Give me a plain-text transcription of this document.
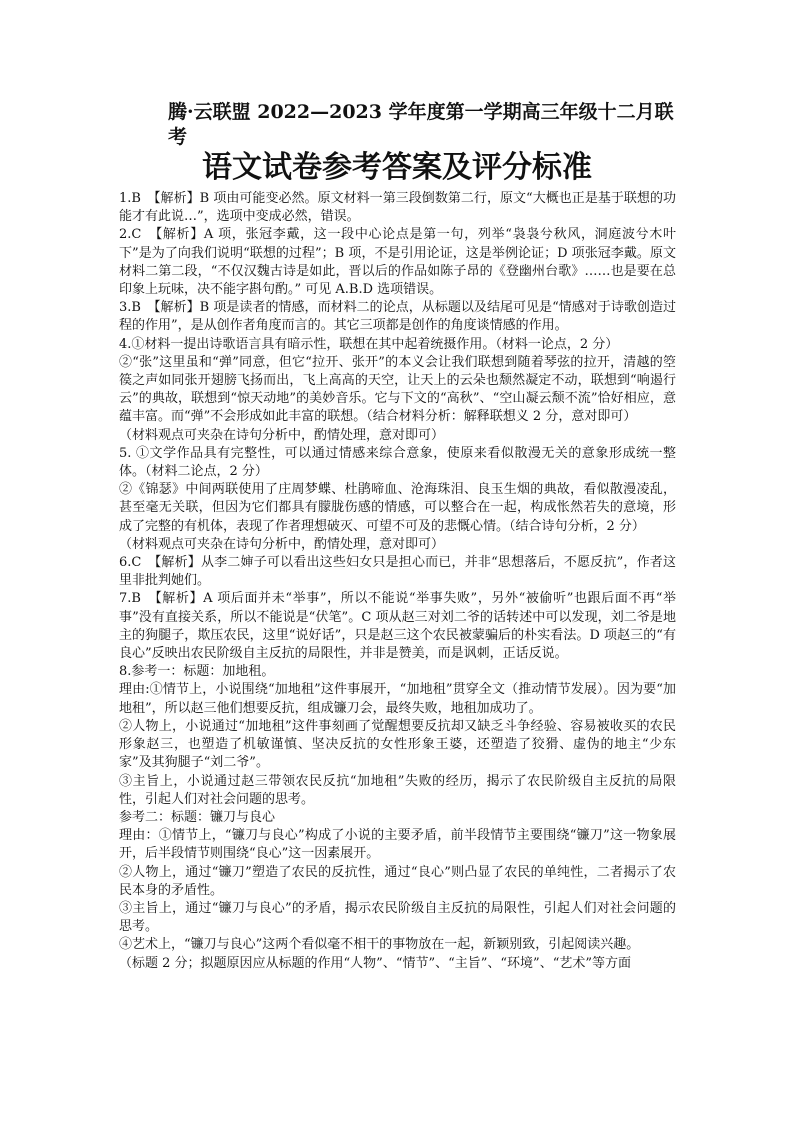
腾·云联盟 2022—2023 学年度第一学期高三年级十二月联考
语文试卷参考答案及评分标准

1.B　【解析】B 项由可能变必然。原文材料一第三段倒数第二行，原文“大概也正是基于联想的功能才有此说…”，选项中变成必然，错误。

2.C　【解析】A 项，张冠李戴，这一段中心论点是第一句，列举“袅袅兮秋风，洞庭波兮木叶下”是为了向我们说明“联想的过程”；B 项，不是引用论证，这是举例论证；D 项张冠李戴。原文材料二第二段，“不仅汉魏古诗是如此，晋以后的作品如陈子昂的《登幽州台歌》……也是要在总印象上玩味，决不能字斟句酌。” 可见 A.B.D 选项错误。

3.B　【解析】B 项是读者的情感，而材料二的论点，从标题以及结尾可见是“情感对于诗歌创造过程的作用”，是从创作者角度而言的。其它三项都是创作的角度谈情感的作用。

4.①材料一提出诗歌语言具有暗示性，联想在其中起着统摄作用。（材料一论点，2 分）

②“张”这里虽和“弹”同意，但它“拉开、张开”的本义会让我们联想到随着琴弦的拉开，清越的箜篌之声如同张开翅膀飞扬而出，飞上高高的天空，让天上的云朵也颓然凝定不动，联想到“响遏行云”的典故，联想到“惊天动地”的美妙音乐。它与下文的“高秋”、“空山凝云颓不流”恰好相应，意蕴丰富。而“弹”不会形成如此丰富的联想。（结合材料分析：解释联想义 2 分，意对即可）

（材料观点可夹杂在诗句分析中，酌情处理，意对即可）

5. ①文学作品具有完整性，可以通过情感来综合意象，使原来看似散漫无关的意象形成统一整体。（材料二论点，2 分）

②《锦瑟》中间两联使用了庄周梦蝶、杜鹃啼血、沧海珠泪、良玉生烟的典故，看似散漫凌乱，甚至毫无关联，但因为它们都具有朦胧伤感的情感，可以整合在一起，构成怅然若失的意境，形成了完整的有机体，表现了作者理想破灭、可望不可及的悲慨心情。（结合诗句分析，2 分）

（材料观点可夹杂在诗句分析中，酌情处理，意对即可）

6.C　【解析】从李二婶子可以看出这些妇女只是担心而已，并非“思想落后，不愿反抗”，作者这里非批判她们。

7.B　【解析】A 项后面并未“举事”，所以不能说“举事失败”，另外“被偷听”也跟后面不再“举事”没有直接关系，所以不能说是“伏笔”。C 项从赵三对刘二爷的话转述中可以发现，刘二爷是地主的狗腿子，欺压农民，这里“说好话”，只是赵三这个农民被蒙骗后的朴实看法。D 项赵三的“有良心”反映出农民阶级自主反抗的局限性，并非是赞美，而是讽刺，正话反说。

8.参考一：标题：加地租。

理由:①情节上，小说围绕“加地租”这件事展开，“加地租”贯穿全文（推动情节发展）。因为要“加地租”，所以赵三他们想要反抗，组成镰刀会，最终失败，地租加成功了。

②人物上，小说通过“加地租”这件事刻画了觉醒想要反抗却又缺乏斗争经验、容易被收买的农民形象赵三，也塑造了机敏谨慎、坚决反抗的女性形象王婆，还塑造了狡猾、虚伪的地主“少东家”及其狗腿子“刘二爷”。

③主旨上，小说通过赵三带领农民反抗“加地租”失败的经历，揭示了农民阶级自主反抗的局限性，引起人们对社会问题的思考。

参考二：标题：镰刀与良心

理由：①情节上，“镰刀与良心”构成了小说的主要矛盾，前半段情节主要围绕“镰刀”这一物象展开，后半段情节则围绕“良心”这一因素展开。

②人物上，通过“镰刀”塑造了农民的反抗性，通过“良心”则凸显了农民的单纯性，二者揭示了农民本身的矛盾性。

③主旨上，通过“镰刀与良心”的矛盾，揭示农民阶级自主反抗的局限性，引起人们对社会问题的思考。

④艺术上，“镰刀与良心”这两个看似毫不相干的事物放在一起，新颖别致，引起阅读兴趣。

（标题 2 分；拟题原因应从标题的作用“人物”、“情节”、“主旨”、“环境”、“艺术”等方面
